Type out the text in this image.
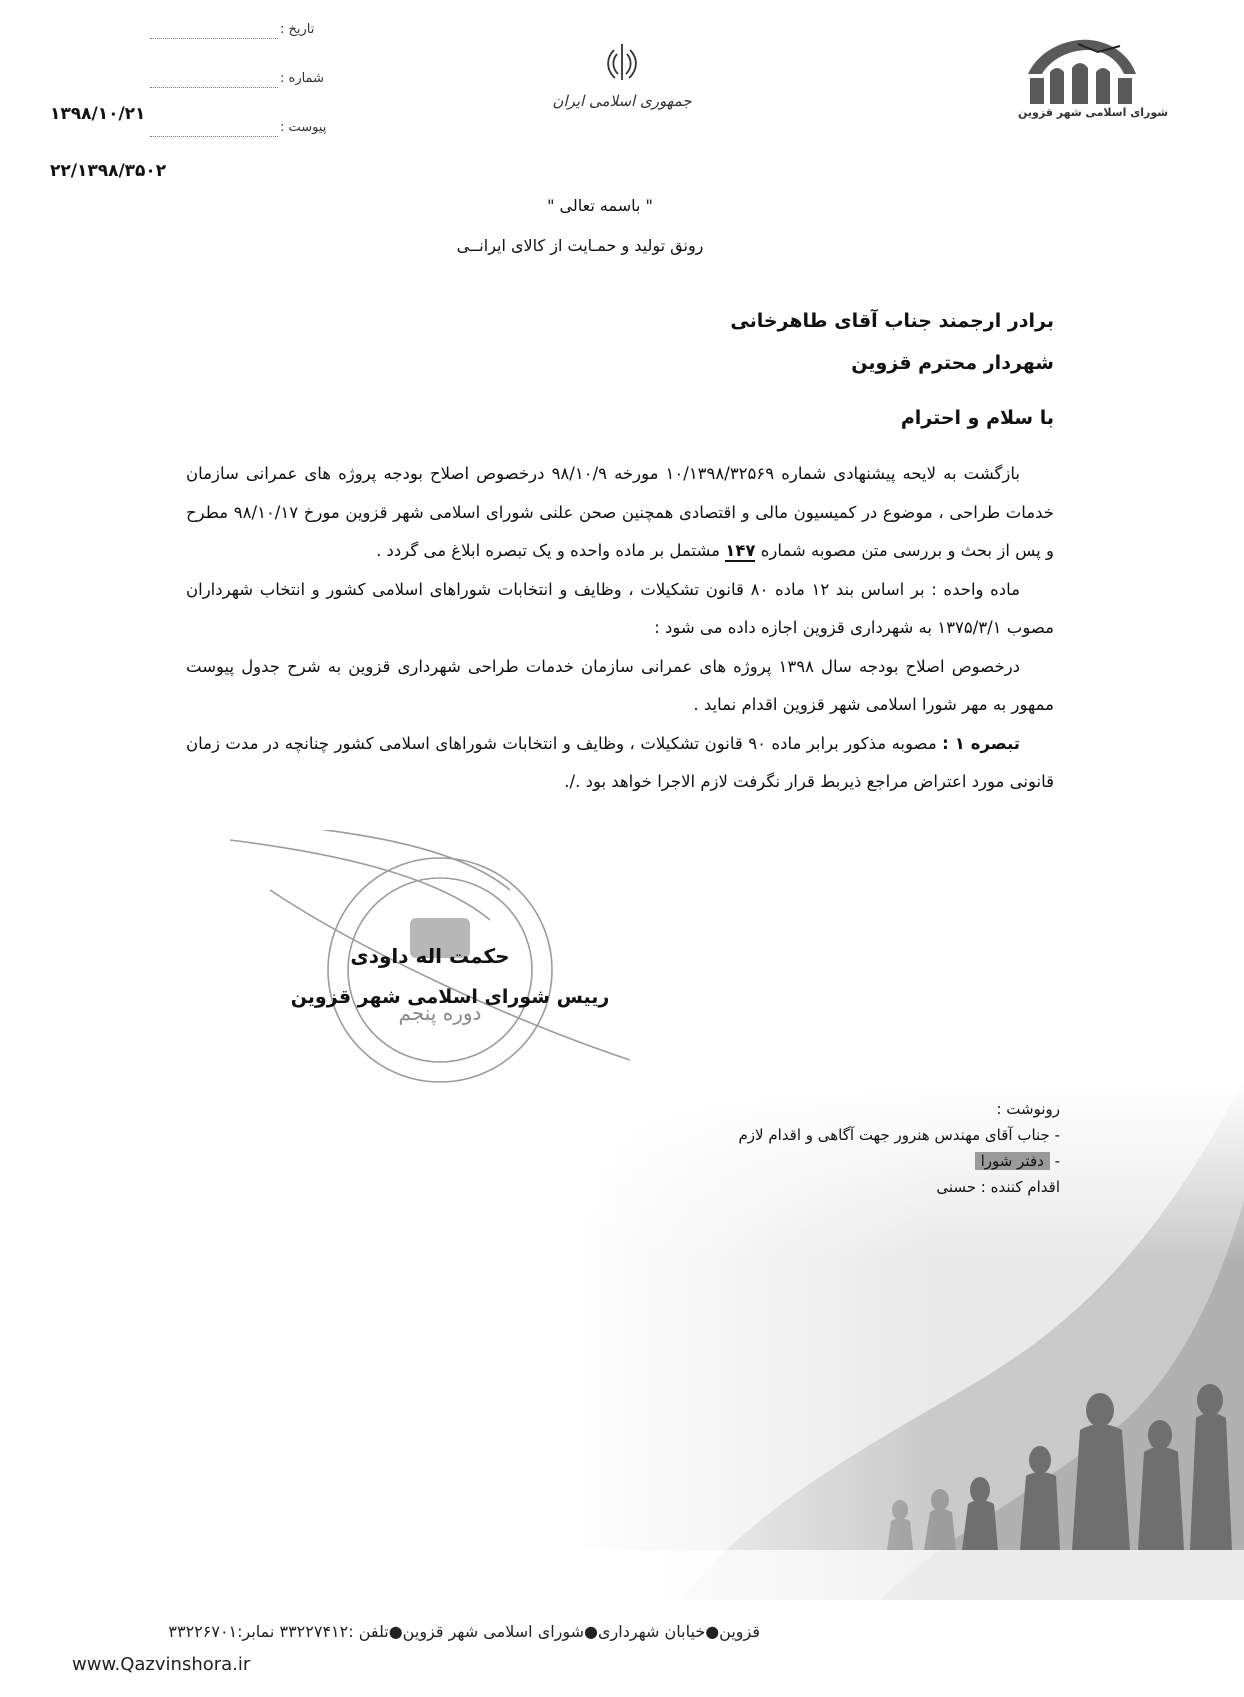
تاریخ :
شماره :
پیوست :
۱۳۹۸/۱۰/۲۱
۲۲/۱۳۹۸/۳۵۰۲
جمهوری اسلامی ایران
شورای اسلامی شهر قزوین
" باسمه تعالی "
رونق تولید و حمـایت از کالای ایرانــی
برادر ارجمند جناب آقای طاهرخانی
شهردار محترم قزوین
با سلام و احترام

بازگشت به لایحه پیشنهادی شماره ۱۰/۱۳۹۸/۳۲۵۶۹ مورخه ۹۸/۱۰/۹ درخصوص اصلاح بودجه پروژه های عمرانی سازمان خدمات طراحی ، موضوع در کمیسیون مالی و اقتصادی همچنین صحن علنی شورای اسلامی شهر قزوین مورخ ۹۸/۱۰/۱۷ مطرح و پس از بحث و بررسی متن مصوبه شماره ۱۴۷ مشتمل بر ماده واحده و یک تبصره ابلاغ می گردد .

ماده واحده : بر اساس بند ۱۲ ماده ۸۰ قانون تشکیلات ، وظایف و انتخابات شوراهای اسلامی کشور و انتخاب شهرداران مصوب ۱۳۷۵/۳/۱ به شهرداری قزوین اجازه داده می شود :

درخصوص اصلاح بودجه سال ۱۳۹۸ پروژه های عمرانی سازمان خدمات طراحی شهرداری قزوین به شرح جدول پیوست ممهور به مهر شورا اسلامی شهر قزوین اقدام نماید .

تبصره ۱ : مصوبه مذکور برابر ماده ۹۰ قانون تشکیلات ، وظایف و انتخابات شوراهای اسلامی کشور چنانچه در مدت زمان قانونی مورد اعتراض مراجع ذیربط قرار نگرفت لازم الاجرا خواهد بود ./.

دوره پنجم
حکمت اله داودی
رییس شورای اسلامی شهر قزوین
رونوشت :
- جناب آقای مهندس هنرور جهت آگاهی و اقدام لازم
- دفتر شورا
اقدام کننده : حسنی
قزوین●خیابان شهرداری●شورای اسلامی شهر قزوین●تلفن :۳۳۲۲۷۴۱۲ نمابر:۳۳۲۲۶۷۰۱
www.Qazvinshora.ir
